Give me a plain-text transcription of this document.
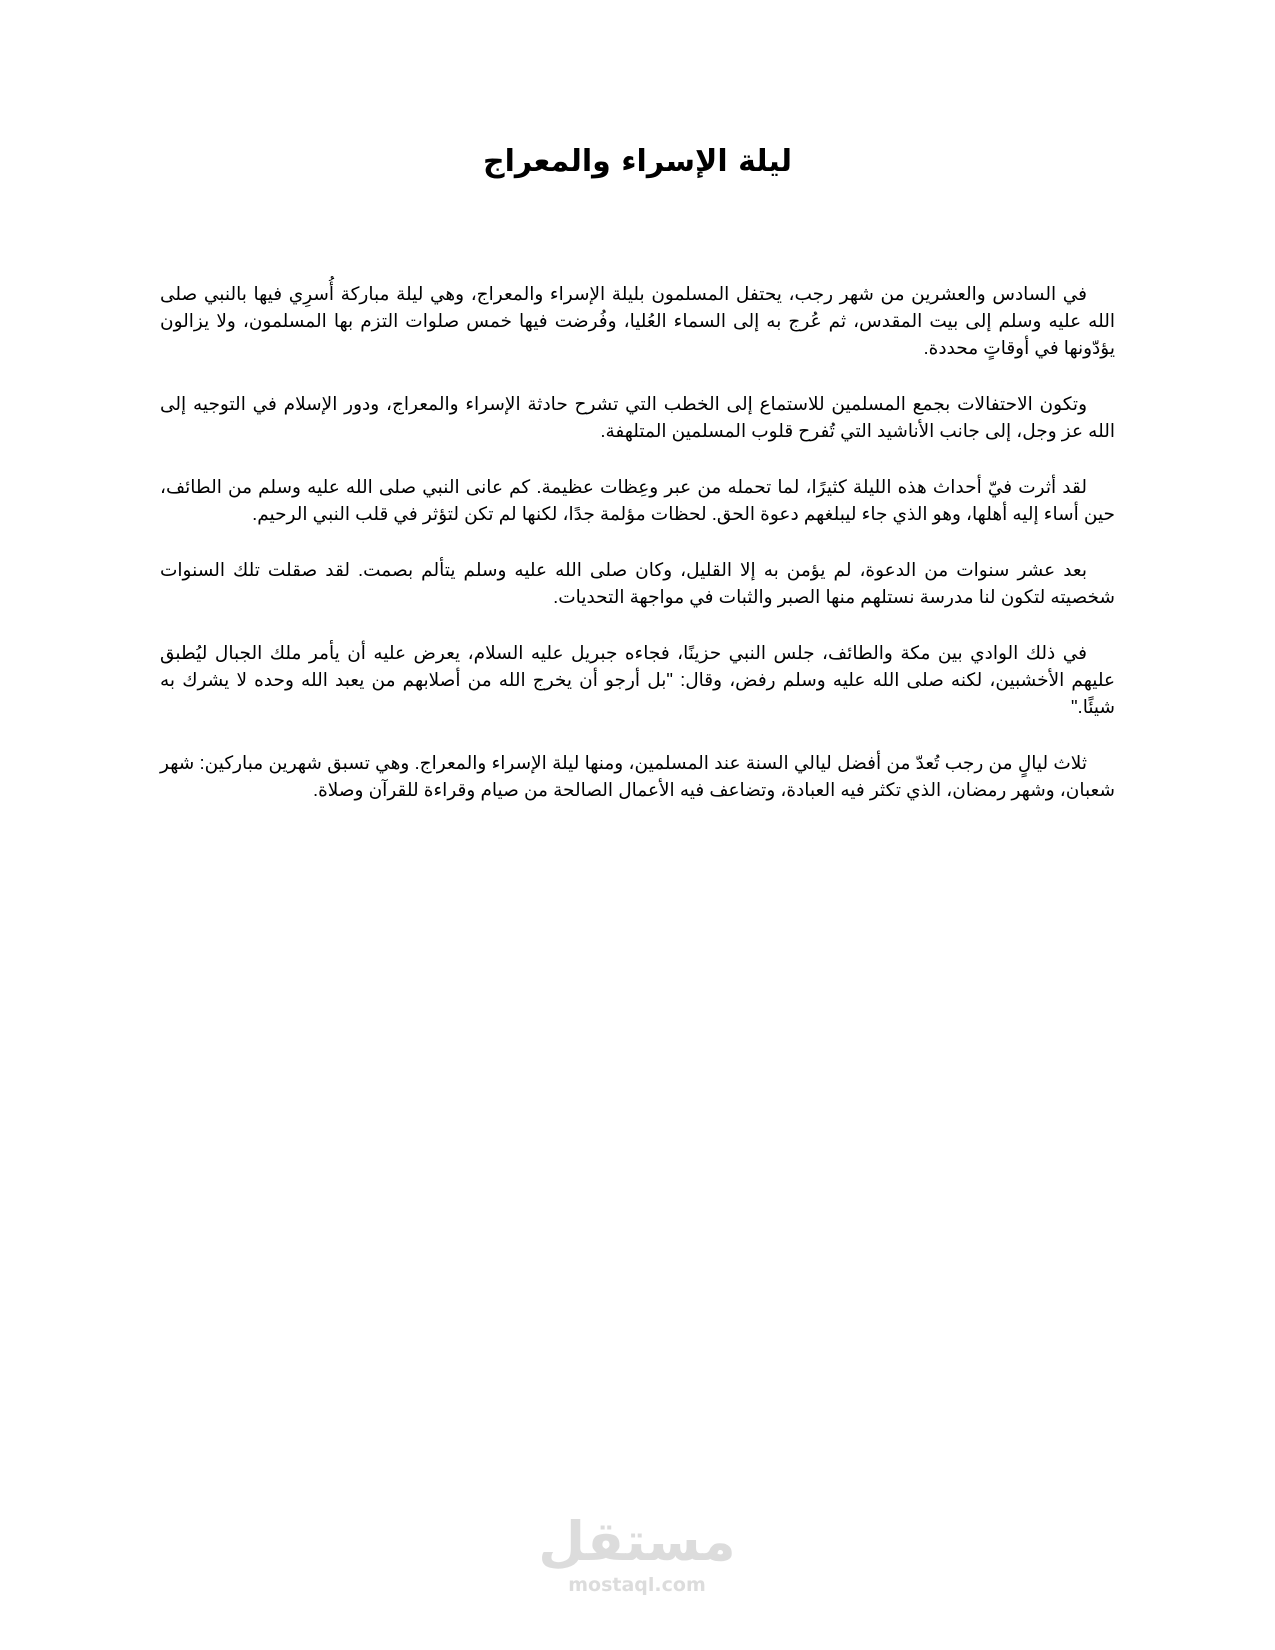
ليلة الإسراء والمعراج

في السادس والعشرين من شهر رجب، يحتفل المسلمون بليلة الإسراء والمعراج، وهي ليلة مباركة أُسرِي فيها بالنبي صلى الله عليه وسلم إلى بيت المقدس، ثم عُرج به إلى السماء العُليا، وفُرضت فيها خمس صلوات التزم بها المسلمون، ولا يزالون يؤدّونها في أوقاتٍ محددة.

وتكون الاحتفالات بجمع المسلمين للاستماع إلى الخطب التي تشرح حادثة الإسراء والمعراج، ودور الإسلام في التوجيه إلى الله عز وجل، إلى جانب الأناشيد التي تُفرح قلوب المسلمين المتلهفة.

لقد أثرت فيّ أحداث هذه الليلة كثيرًا، لما تحمله من عبر وعِظات عظيمة. كم عانى النبي صلى الله عليه وسلم من الطائف، حين أساء إليه أهلها، وهو الذي جاء ليبلغهم دعوة الحق. لحظات مؤلمة جدًا، لكنها لم تكن لتؤثر في قلب النبي الرحيم.

بعد عشر سنوات من الدعوة، لم يؤمن به إلا القليل، وكان صلى الله عليه وسلم يتألم بصمت. لقد صقلت تلك السنوات شخصيته لتكون لنا مدرسة نستلهم منها الصبر والثبات في مواجهة التحديات.

في ذلك الوادي بين مكة والطائف، جلس النبي حزينًا، فجاءه جبريل عليه السلام، يعرض عليه أن يأمر ملك الجبال ليُطبق عليهم الأخشبين، لكنه صلى الله عليه وسلم رفض، وقال: "بل أرجو أن يخرج الله من أصلابهم من يعبد الله وحده لا يشرك به شيئًا."

ثلاث ليالٍ من رجب تُعدّ من أفضل ليالي السنة عند المسلمين، ومنها ليلة الإسراء والمعراج. وهي تسبق شهرين مباركين: شهر شعبان، وشهر رمضان، الذي تكثر فيه العبادة، وتضاعف فيه الأعمال الصالحة من صيام وقراءة للقرآن وصلاة.

مستقل
mostaql.com
